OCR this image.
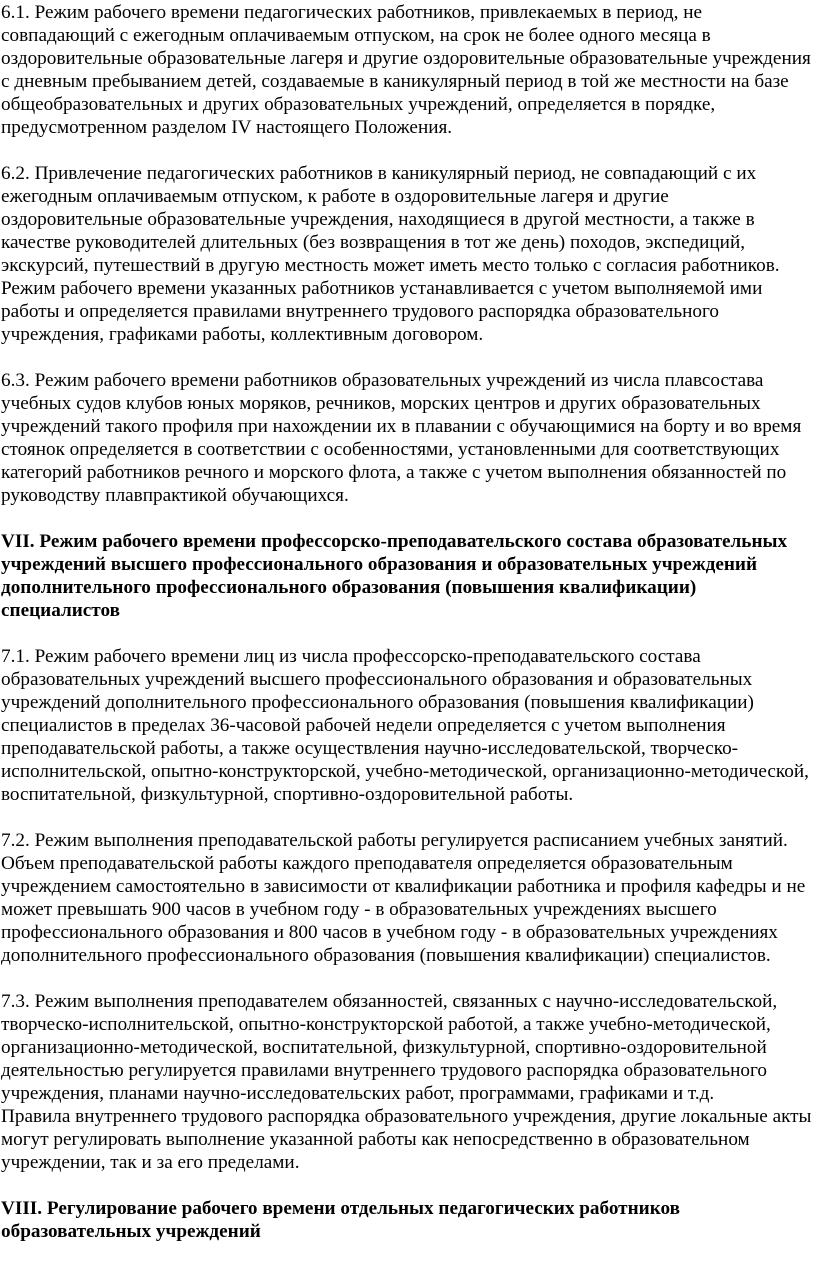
6.1. Режим рабочего времени педагогических работников, привлекаемых в период, не
совпадающий с ежегодным оплачиваемым отпуском, на срок не более одного месяца в
оздоровительные образовательные лагеря и другие оздоровительные образовательные учреждения
с дневным пребыванием детей, создаваемые в каникулярный период в той же местности на базе
общеобразовательных и других образовательных учреждений, определяется в порядке,
предусмотренном разделом IV настоящего Положения.
6.2. Привлечение педагогических работников в каникулярный период, не совпадающий с их
ежегодным оплачиваемым отпуском, к работе в оздоровительные лагеря и другие
оздоровительные образовательные учреждения, находящиеся в другой местности, а также в
качестве руководителей длительных (без возвращения в тот же день) походов, экспедиций,
экскурсий, путешествий в другую местность может иметь место только с согласия работников.
Режим рабочего времени указанных работников устанавливается с учетом выполняемой ими
работы и определяется правилами внутреннего трудового распорядка образовательного
учреждения, графиками работы, коллективным договором.
6.3. Режим рабочего времени работников образовательных учреждений из числа плавсостава
учебных судов клубов юных моряков, речников, морских центров и других образовательных
учреждений такого профиля при нахождении их в плавании с обучающимися на борту и во время
стоянок определяется в соответствии с особенностями, установленными для соответствующих
категорий работников речного и морского флота, а также с учетом выполнения обязанностей по
руководству плавпрактикой обучающихся.
VII. Режим рабочего времени профессорско-преподавательского состава образовательных
учреждений высшего профессионального образования и образовательных учреждений
дополнительного профессионального образования (повышения квалификации)
специалистов
7.1. Режим рабочего времени лиц из числа профессорско-преподавательского состава
образовательных учреждений высшего профессионального образования и образовательных
учреждений дополнительного профессионального образования (повышения квалификации)
специалистов в пределах 36-часовой рабочей недели определяется с учетом выполнения
преподавательской работы, а также осуществления научно-исследовательской, творческо-
исполнительской, опытно-конструкторской, учебно-методической, организационно-методической,
воспитательной, физкультурной, спортивно-оздоровительной работы.
7.2. Режим выполнения преподавательской работы регулируется расписанием учебных занятий.
Объем преподавательской работы каждого преподавателя определяется образовательным
учреждением самостоятельно в зависимости от квалификации работника и профиля кафедры и не
может превышать 900 часов в учебном году - в образовательных учреждениях высшего
профессионального образования и 800 часов в учебном году - в образовательных учреждениях
дополнительного профессионального образования (повышения квалификации) специалистов.
7.3. Режим выполнения преподавателем обязанностей, связанных с научно-исследовательской,
творческо-исполнительской, опытно-конструкторской работой, а также учебно-методической,
организационно-методической, воспитательной, физкультурной, спортивно-оздоровительной
деятельностью регулируется правилами внутреннего трудового распорядка образовательного
учреждения, планами научно-исследовательских работ, программами, графиками и т.д.
Правила внутреннего трудового распорядка образовательного учреждения, другие локальные акты
могут регулировать выполнение указанной работы как непосредственно в образовательном
учреждении, так и за его пределами.
VIII. Регулирование рабочего времени отдельных педагогических работников
образовательных учреждений
